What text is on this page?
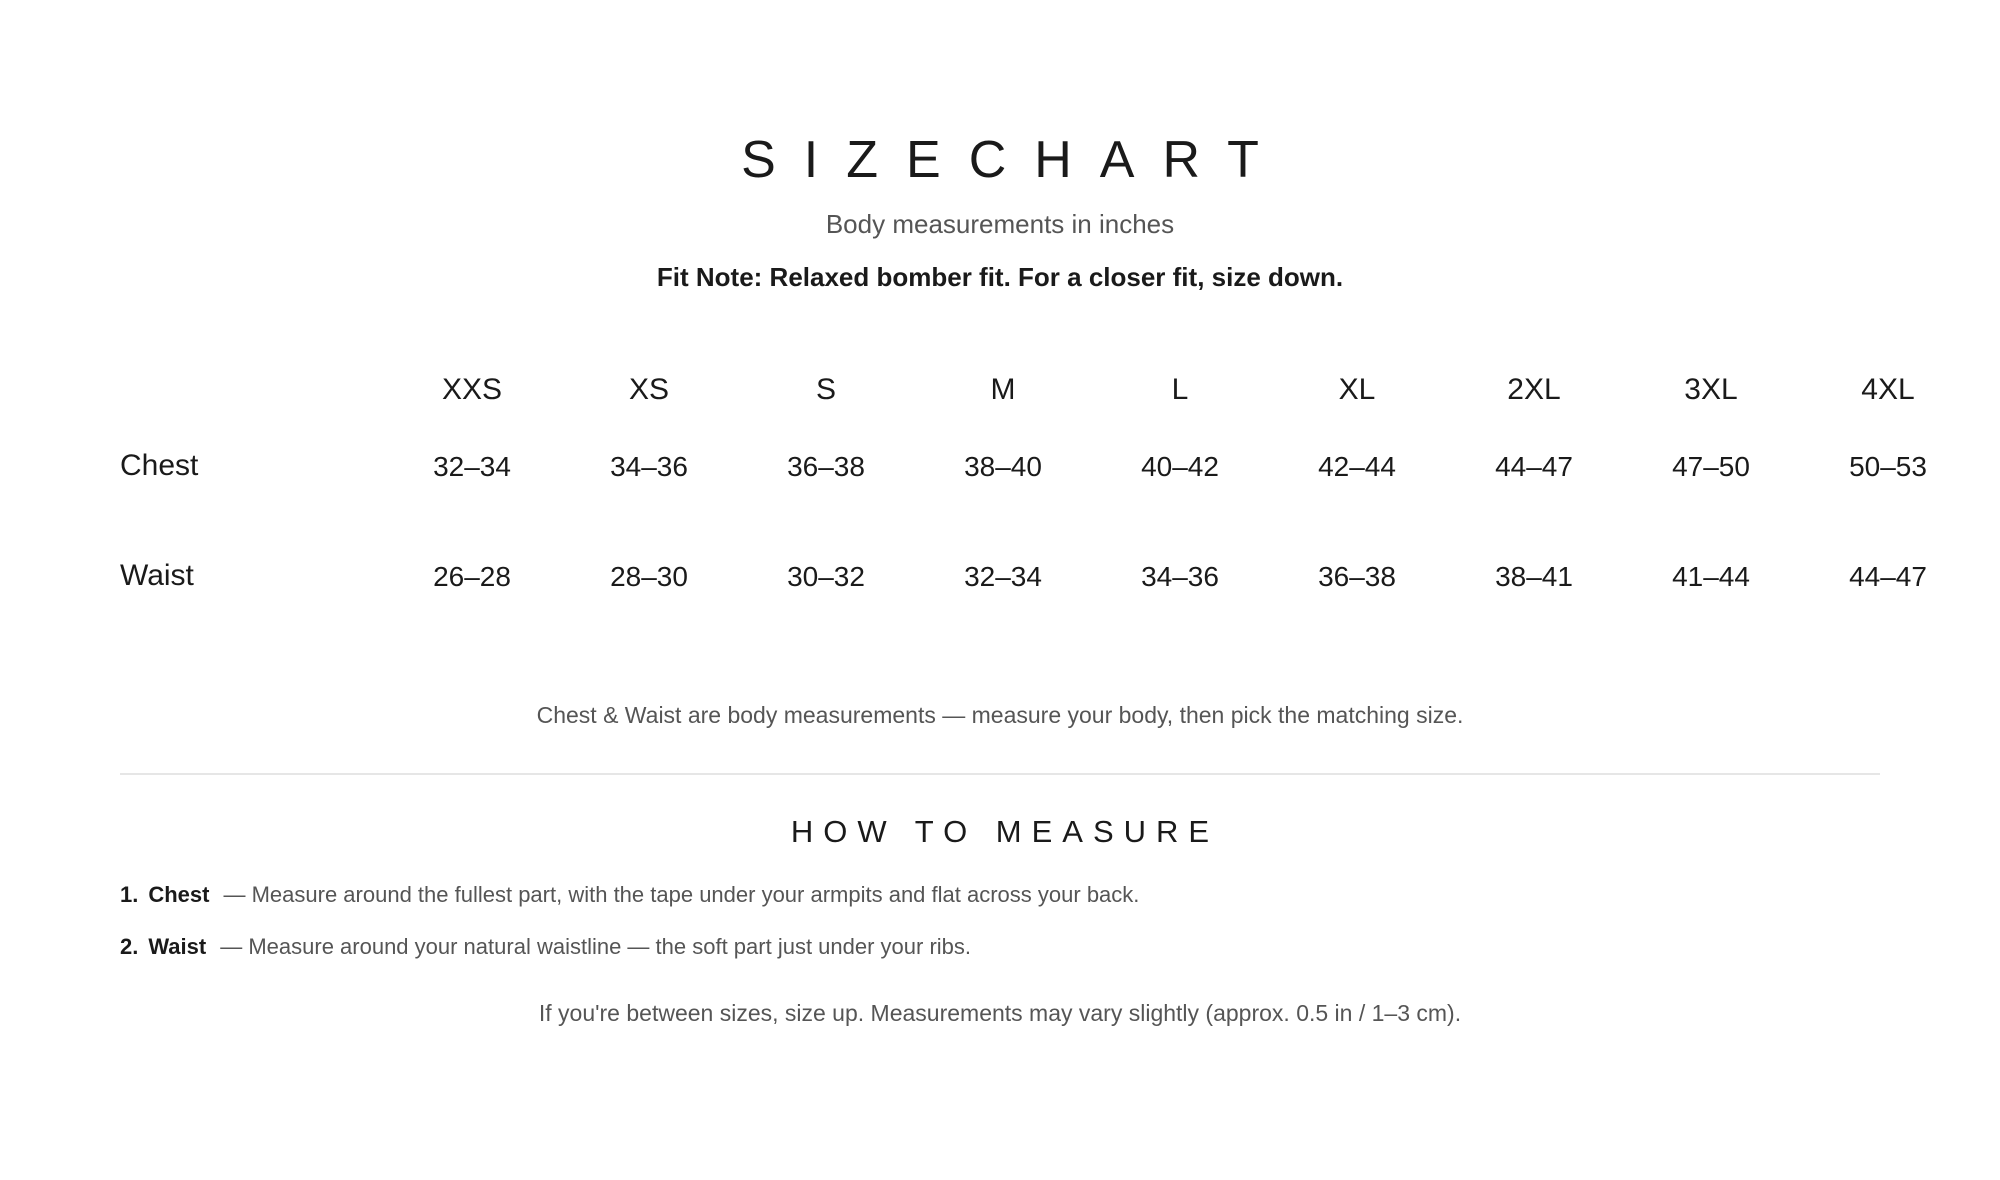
SIZECHART
Body measurements in inches
Fit Note: Relaxed bomber fit. For a closer fit, size down.
XXS	XS	S	M	L	XL	2XL	3XL	4XL
Chest	32–34	34–36	36–38	38–40	40–42	42–44	44–47	47–50	50–53
Waist	26–28	28–30	30–32	32–34	34–36	36–38	38–41	41–44	44–47
Chest & Waist are body measurements — measure your body, then pick the matching size.
HOW TO MEASURE
1. Chest — Measure around the fullest part, with the tape under your armpits and flat across your back.
2. Waist — Measure around your natural waistline — the soft part just under your ribs.
If you're between sizes, size up. Measurements may vary slightly (approx. 0.5 in / 1–3 cm).
